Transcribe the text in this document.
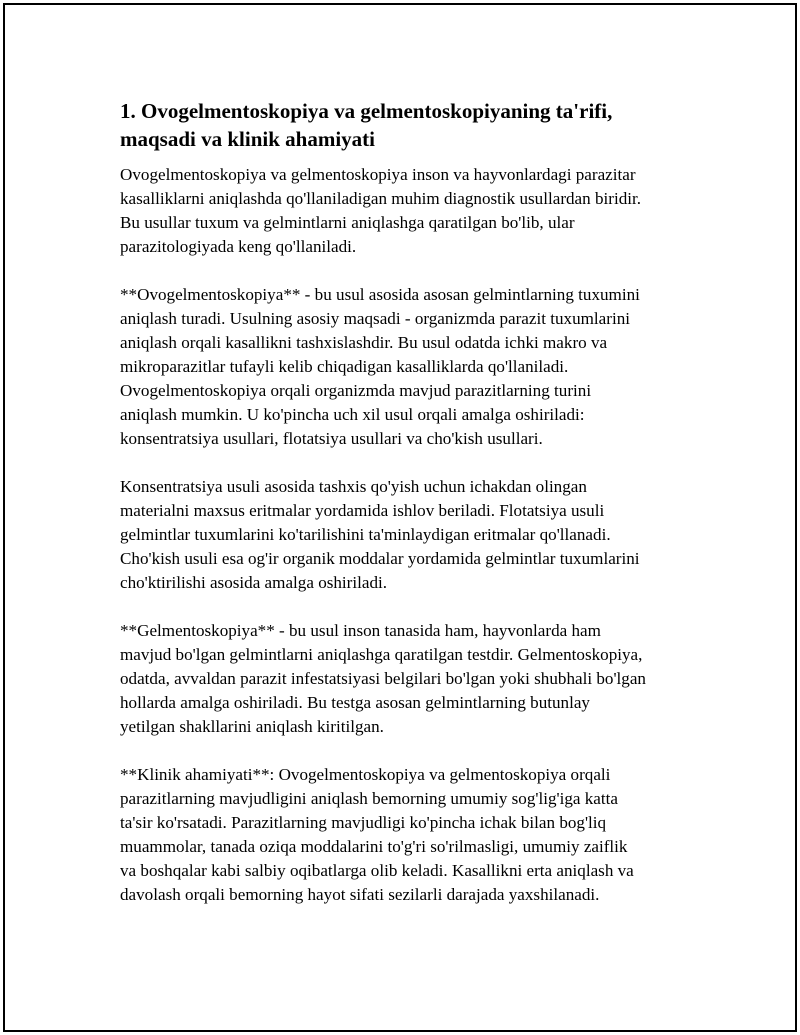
1. Ovogelmentoskopiya va gelmentoskopiyaning ta'rifi,
maqsadi va klinik ahamiyati

Ovogelmentoskopiya va gelmentoskopiya inson va hayvonlardagi parazitar
kasalliklarni aniqlashda qo'llaniladigan muhim diagnostik usullardan biridir.
Bu usullar tuxum va gelmintlarni aniqlashga qaratilgan bo'lib, ular
parazitologiyada keng qo'llaniladi.

**Ovogelmentoskopiya** - bu usul asosida asosan gelmintlarning tuxumini
aniqlash turadi. Usulning asosiy maqsadi - organizmda parazit tuxumlarini
aniqlash orqali kasallikni tashxislashdir. Bu usul odatda ichki makro va
mikroparazitlar tufayli kelib chiqadigan kasalliklarda qo'llaniladi.
Ovogelmentoskopiya orqali organizmda mavjud parazitlarning turini
aniqlash mumkin. U ko'pincha uch xil usul orqali amalga oshiriladi:
konsentratsiya usullari, flotatsiya usullari va cho'kish usullari.

Konsentratsiya usuli asosida tashxis qo'yish uchun ichakdan olingan
materialni maxsus eritmalar yordamida ishlov beriladi. Flotatsiya usuli
gelmintlar tuxumlarini ko'tarilishini ta'minlaydigan eritmalar qo'llanadi.
Cho'kish usuli esa og'ir organik moddalar yordamida gelmintlar tuxumlarini
cho'ktirilishi asosida amalga oshiriladi.

**Gelmentoskopiya** - bu usul inson tanasida ham, hayvonlarda ham
mavjud bo'lgan gelmintlarni aniqlashga qaratilgan testdir. Gelmentoskopiya,
odatda, avvaldan parazit infestatsiyasi belgilari bo'lgan yoki shubhali bo'lgan
hollarda amalga oshiriladi. Bu testga asosan gelmintlarning butunlay
yetilgan shakllarini aniqlash kiritilgan.

**Klinik ahamiyati**: Ovogelmentoskopiya va gelmentoskopiya orqali
parazitlarning mavjudligini aniqlash bemorning umumiy sog'lig'iga katta
ta'sir ko'rsatadi. Parazitlarning mavjudligi ko'pincha ichak bilan bog'liq
muammolar, tanada oziqa moddalarini to'g'ri so'rilmasligi, umumiy zaiflik
va boshqalar kabi salbiy oqibatlarga olib keladi. Kasallikni erta aniqlash va
davolash orqali bemorning hayot sifati sezilarli darajada yaxshilanadi.
